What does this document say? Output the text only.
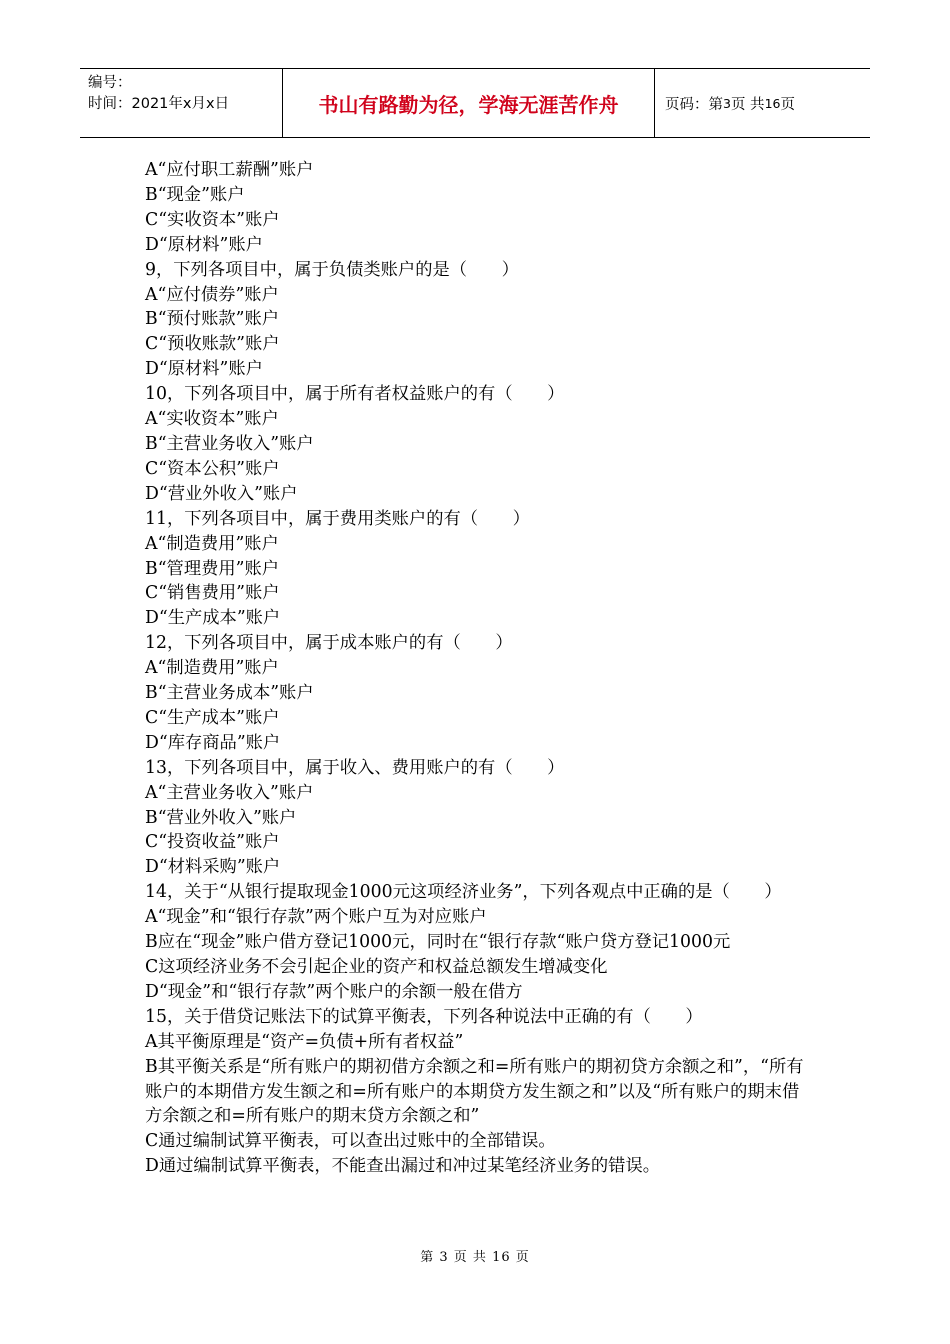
编号：
时间：2021年x月x日	书山有路勤为径，学海无涯苦作舟	页码：第 3 页 共 16 页
A“应付职工薪酬”账户
B“现金”账户
C“实收资本”账户
D“原材料”账户
9，下列各项目中，属于负债类账户的是（　　）
A“应付债券”账户
B“预付账款”账户
C“预收账款”账户
D“原材料”账户
10，下列各项目中，属于所有者权益账户的有（　　）
A“实收资本”账户
B“主营业务收入”账户
C“资本公积”账户
D“营业外收入”账户
11，下列各项目中，属于费用类账户的有（　　）
A“制造费用”账户
B“管理费用”账户
C“销售费用”账户
D“生产成本”账户
12，下列各项目中，属于成本账户的有（　　）
A“制造费用”账户
B“主营业务成本”账户
C“生产成本”账户
D“库存商品”账户
13，下列各项目中，属于收入、费用账户的有（　　）
A“主营业务收入”账户
B“营业外收入”账户
C“投资收益”账户
D“材料采购”账户
14，关于“从银行提取现金1000元这项经济业务”，下列各观点中正确的是（　　）
A“现金”和“银行存款”两个账户互为对应账户
B应在“现金”账户借方登记1000元，同时在“银行存款“账户贷方登记1000元
C这项经济业务不会引起企业的资产和权益总额发生增减变化
D“现金”和“银行存款”两个账户的余额一般在借方
15，关于借贷记账法下的试算平衡表，下列各种说法中正确的有（　　）
A其平衡原理是“资产=负债+所有者权益”
B其平衡关系是“所有账户的期初借方余额之和=所有账户的期初贷方余额之和”，“所有账户的本期借方发生额之和=所有账户的本期贷方发生额之和”以及“所有账户的期末借方余额之和=所有账户的期末贷方余额之和”
C通过编制试算平衡表，可以查出过账中的全部错误。
D通过编制试算平衡表，不能查出漏过和冲过某笔经济业务的错误。
第 3 页 共 16 页
